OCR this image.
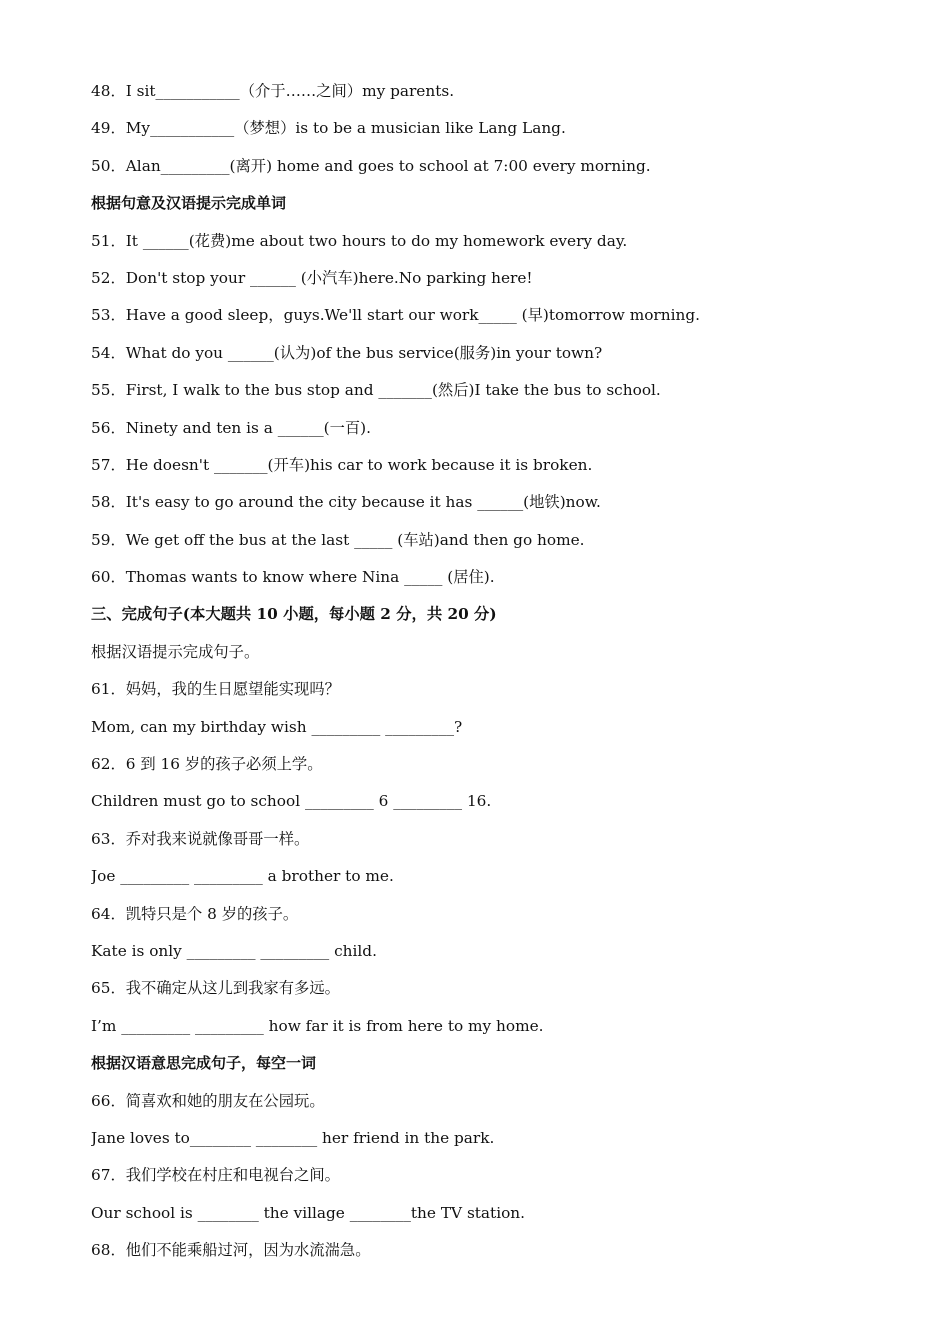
48．I sit___________（介于……之间）my parents.
49．My___________（梦想）is to be a musician like Lang Lang.
50．Alan_________(离开) home and goes to school at 7:00 every morning.
根据句意及汉语提示完成单词
51．It ______(花费)me about two hours to do my homework every day.
52．Don't stop your ______ (小汽车)here.No parking here!
53．Have a good sleep，guys.We'll start our work_____ (早)tomorrow morning.
54．What do you ______(认为)of the bus service(服务)in your town?
55．First, I walk to the bus stop and _______(然后)I take the bus to school.
56．Ninety and ten is a ______(一百).
57．He doesn't _______(开车)his car to work because it is broken.
58．It's easy to go around the city because it has ______(地铁)now.
59．We get off the bus at the last _____ (车站)and then go home.
60．Thomas wants to know where Nina _____ (居住).
三、完成句子(本大题共 10 小题，每小题 2 分，共 20 分)
根据汉语提示完成句子。
61．妈妈，我的生日愿望能实现吗？
Mom, can my birthday wish _________ _________?
62．6 到 16 岁的孩子必须上学。
Children must go to school _________ 6 _________ 16.
63．乔对我来说就像哥哥一样。
Joe _________ _________ a brother to me.
64．凯特只是个 8 岁的孩子。
Kate is only _________ _________ child.
65．我不确定从这儿到我家有多远。
I’m _________ _________ how far it is from here to my home.
根据汉语意思完成句子，每空一词
66．简喜欢和她的朋友在公园玩。
Jane loves to________ ________ her friend in the park.
67．我们学校在村庄和电视台之间。
Our school is ________ the village ________the TV station.
68．他们不能乘船过河，因为水流湍急。
